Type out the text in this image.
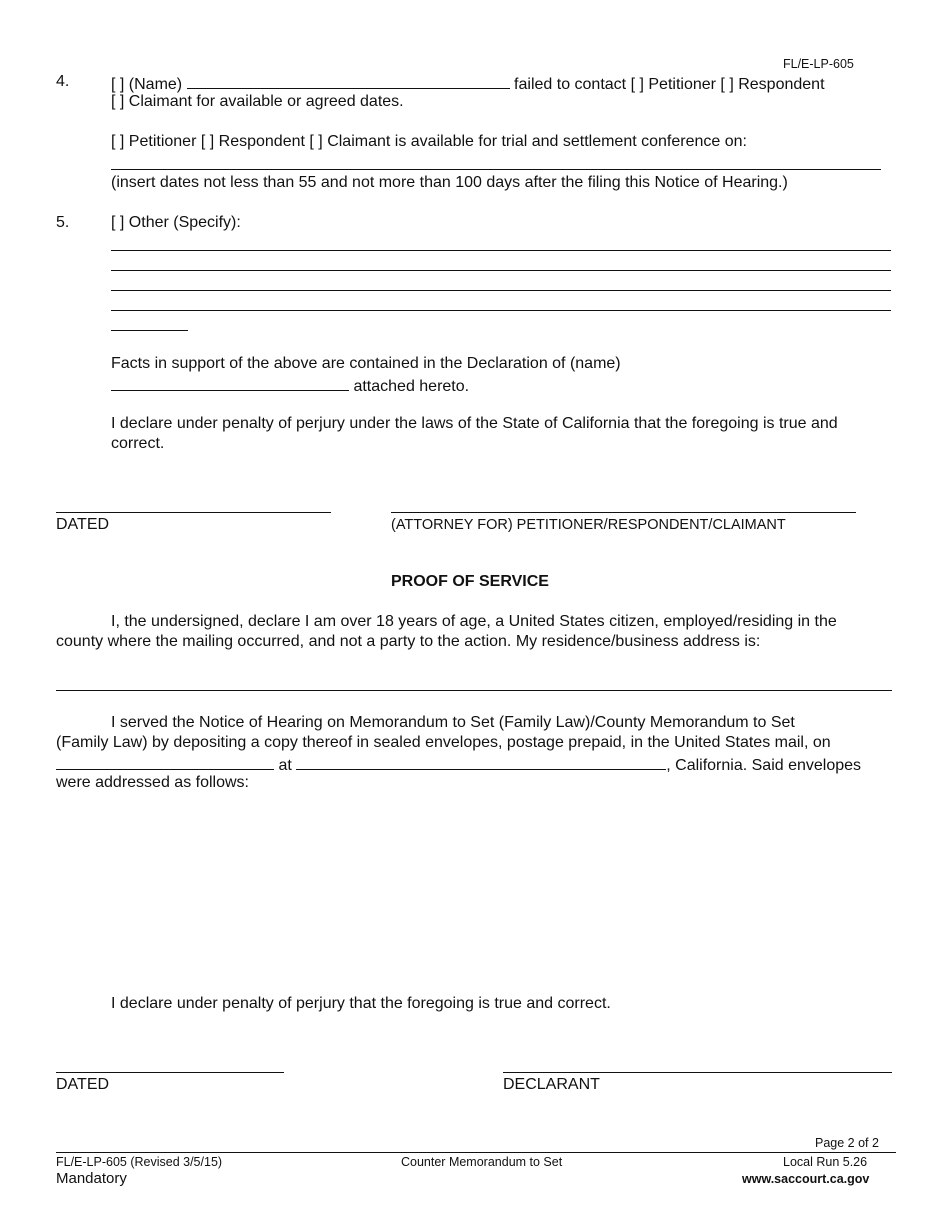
FL/E-LP-605
4.	[ ] (Name)	failed to contact [ ] Petitioner [ ] Respondent
[ ] Claimant for available or agreed dates.
[ ] Petitioner [ ] Respondent [ ] Claimant is available for trial and settlement conference on:
(insert dates not less than 55 and not more than 100 days after the filing this Notice of Hearing.)
5.	[ ] Other (Specify):
Facts in support of the above are contained in the Declaration of (name)
attached hereto.
I declare under penalty of perjury under the laws of the State of California that the foregoing is true and
correct.
DATED	(ATTORNEY FOR) PETITIONER/RESPONDENT/CLAIMANT
PROOF OF SERVICE
I, the undersigned, declare I am over 18 years of age, a United States citizen, employed/residing in the
county where the mailing occurred, and not a party to the action. My residence/business address is:
I served the Notice of Hearing on Memorandum to Set (Family Law)/County Memorandum to Set
(Family Law) by depositing a copy thereof in sealed envelopes, postage prepaid, in the United States mail, on
at	, California. Said envelopes
were addressed as follows:
I declare under penalty of perjury that the foregoing is true and correct.
DATED	DECLARANT
Page 2 of 2
FL/E-LP-605 (Revised 3/5/15)
Mandatory
Counter Memorandum to Set	Local Run 5.26
www.saccourt.ca.gov
